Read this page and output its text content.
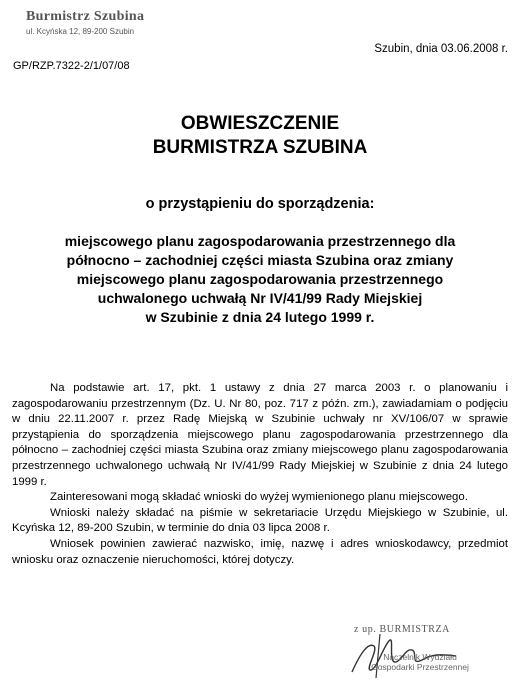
Burmistrz Szubina
ul. Kcyńska 12, 89-200 Szubin
Szubin, dnia 03.06.2008 r.
GP/RZP.7322-2/1/07/08
OBWIESZCZENIE
BURMISTRZA SZUBINA
o przystąpieniu do sporządzenia:
miejscowego planu zagospodarowania przestrzennego dla
północno – zachodniej części miasta Szubina oraz zmiany
miejscowego planu zagospodarowania przestrzennego
uchwalonego uchwałą Nr IV/41/99 Rady Miejskiej
w Szubinie z dnia 24 lutego 1999 r.

Na podstawie art. 17, pkt. 1 ustawy z dnia 27 marca 2003 r. o planowaniu i zagospodarowaniu przestrzennym (Dz. U. Nr 80, poz. 717 z późn. zm.), zawiadamiam o podjęciu w dniu 22.11.2007 r. przez Radę Miejską w Szubinie uchwały nr XV/106/07 w sprawie przystąpienia do sporządzenia miejscowego planu zagospodarowania przestrzennego dla północno – zachodniej części miasta Szubina oraz zmiany miejscowego planu zagospodarowania przestrzennego uchwalonego uchwałą Nr IV/41/99 Rady Miejskiej w Szubinie z dnia 24 lutego 1999 r.

Zainteresowani mogą składać wnioski do wyżej wymienionego planu miejscowego.

Wnioski należy składać na piśmie w sekretariacie Urzędu Miejskiego w Szubinie, ul. Kcyńska 12, 89-200 Szubin, w terminie do dnia 03 lipca 2008 r.

Wniosek powinien zawierać nazwisko, imię, nazwę i adres wnioskodawcy, przedmiot wniosku oraz oznaczenie nieruchomości, której dotyczy.

z up. BURMISTRZA
Naczelnik Wydziału
Gospodarki Przestrzennej
